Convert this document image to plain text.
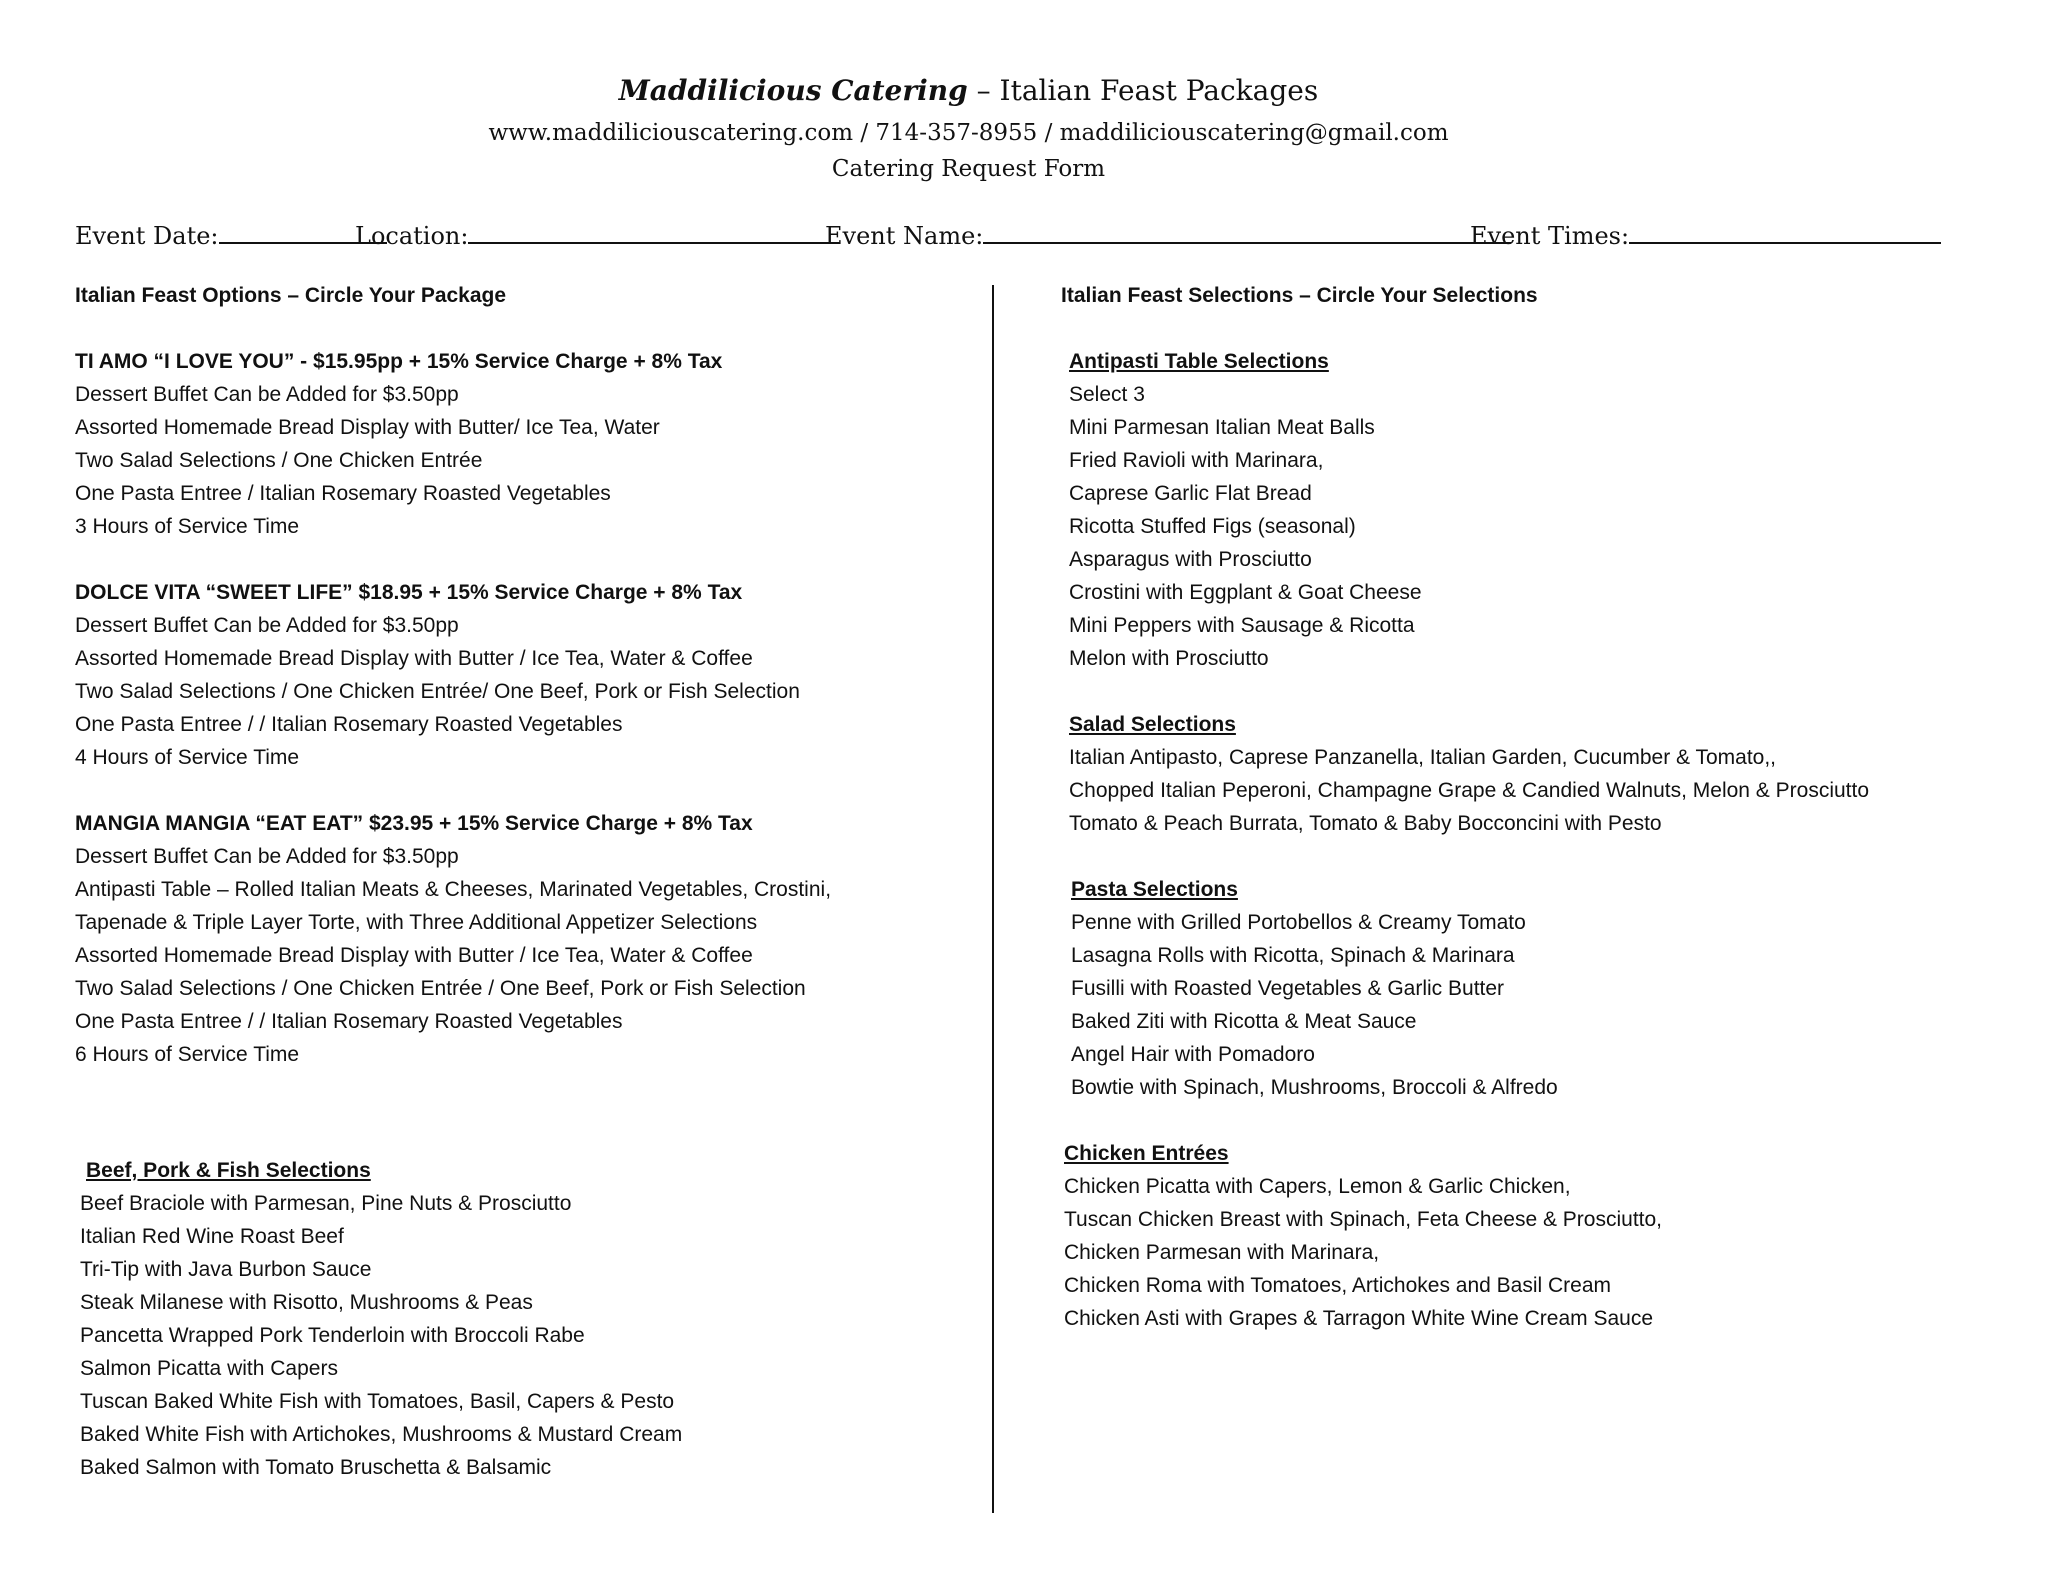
Maddilicious Catering – Italian Feast Packages
www.maddiliciouscatering.com / 714-357-8955 / maddiliciouscatering@gmail.com
Catering Request Form
Event Date:	Location:	Event Name:	Event Times:

Italian Feast Options – Circle Your Package

TI AMO “I LOVE YOU” - $15.95pp + 15% Service Charge + 8% Tax

Dessert Buffet Can be Added for $3.50pp

Assorted Homemade Bread Display with Butter/ Ice Tea, Water

Two Salad Selections / One Chicken Entrée

One Pasta Entree / Italian Rosemary Roasted Vegetables

3 Hours of Service Time

DOLCE VITA “SWEET LIFE” $18.95 + 15% Service Charge + 8% Tax

Dessert Buffet Can be Added for $3.50pp

Assorted Homemade Bread Display with Butter / Ice Tea, Water & Coffee

Two Salad Selections / One Chicken Entrée/ One Beef, Pork or Fish Selection

One Pasta Entree / / Italian Rosemary Roasted Vegetables

4 Hours of Service Time

MANGIA MANGIA “EAT EAT” $23.95 + 15% Service Charge + 8% Tax

Dessert Buffet Can be Added for $3.50pp

Antipasti Table – Rolled Italian Meats & Cheeses, Marinated Vegetables, Crostini,

Tapenade & Triple Layer Torte, with Three Additional Appetizer Selections

Assorted Homemade Bread Display with Butter / Ice Tea, Water & Coffee

Two Salad Selections / One Chicken Entrée / One Beef, Pork or Fish Selection

One Pasta Entree / / Italian Rosemary Roasted Vegetables

6 Hours of Service Time

Beef, Pork & Fish Selections

Beef Braciole with Parmesan, Pine Nuts & Prosciutto

Italian Red Wine Roast Beef

Tri-Tip with Java Burbon Sauce

Steak Milanese with Risotto, Mushrooms & Peas

Pancetta Wrapped Pork Tenderloin with Broccoli Rabe

Salmon Picatta with Capers

Tuscan Baked White Fish with Tomatoes, Basil, Capers & Pesto

Baked White Fish with Artichokes, Mushrooms & Mustard Cream

Baked Salmon with Tomato Bruschetta & Balsamic

Italian Feast Selections – Circle Your Selections

Antipasti Table Selections

Select 3

Mini Parmesan Italian Meat Balls

Fried Ravioli with Marinara,

Caprese Garlic Flat Bread

Ricotta Stuffed Figs (seasonal)

Asparagus with Prosciutto

Crostini with Eggplant & Goat Cheese

Mini Peppers with Sausage & Ricotta

Melon with Prosciutto

Salad Selections

Italian Antipasto, Caprese Panzanella, Italian Garden, Cucumber & Tomato,,

Chopped Italian Peperoni, Champagne Grape & Candied Walnuts, Melon & Prosciutto

Tomato & Peach Burrata, Tomato & Baby Bocconcini with Pesto

Pasta Selections

Penne with Grilled Portobellos & Creamy Tomato

Lasagna Rolls with Ricotta, Spinach & Marinara

Fusilli with Roasted Vegetables & Garlic Butter

Baked Ziti with Ricotta & Meat Sauce

Angel Hair with Pomadoro

Bowtie with Spinach, Mushrooms, Broccoli & Alfredo

Chicken Entrées

Chicken Picatta with Capers, Lemon & Garlic Chicken,

Tuscan Chicken Breast with Spinach, Feta Cheese & Prosciutto,

Chicken Parmesan with Marinara,

Chicken Roma with Tomatoes, Artichokes and Basil Cream

Chicken Asti with Grapes & Tarragon White Wine Cream Sauce
